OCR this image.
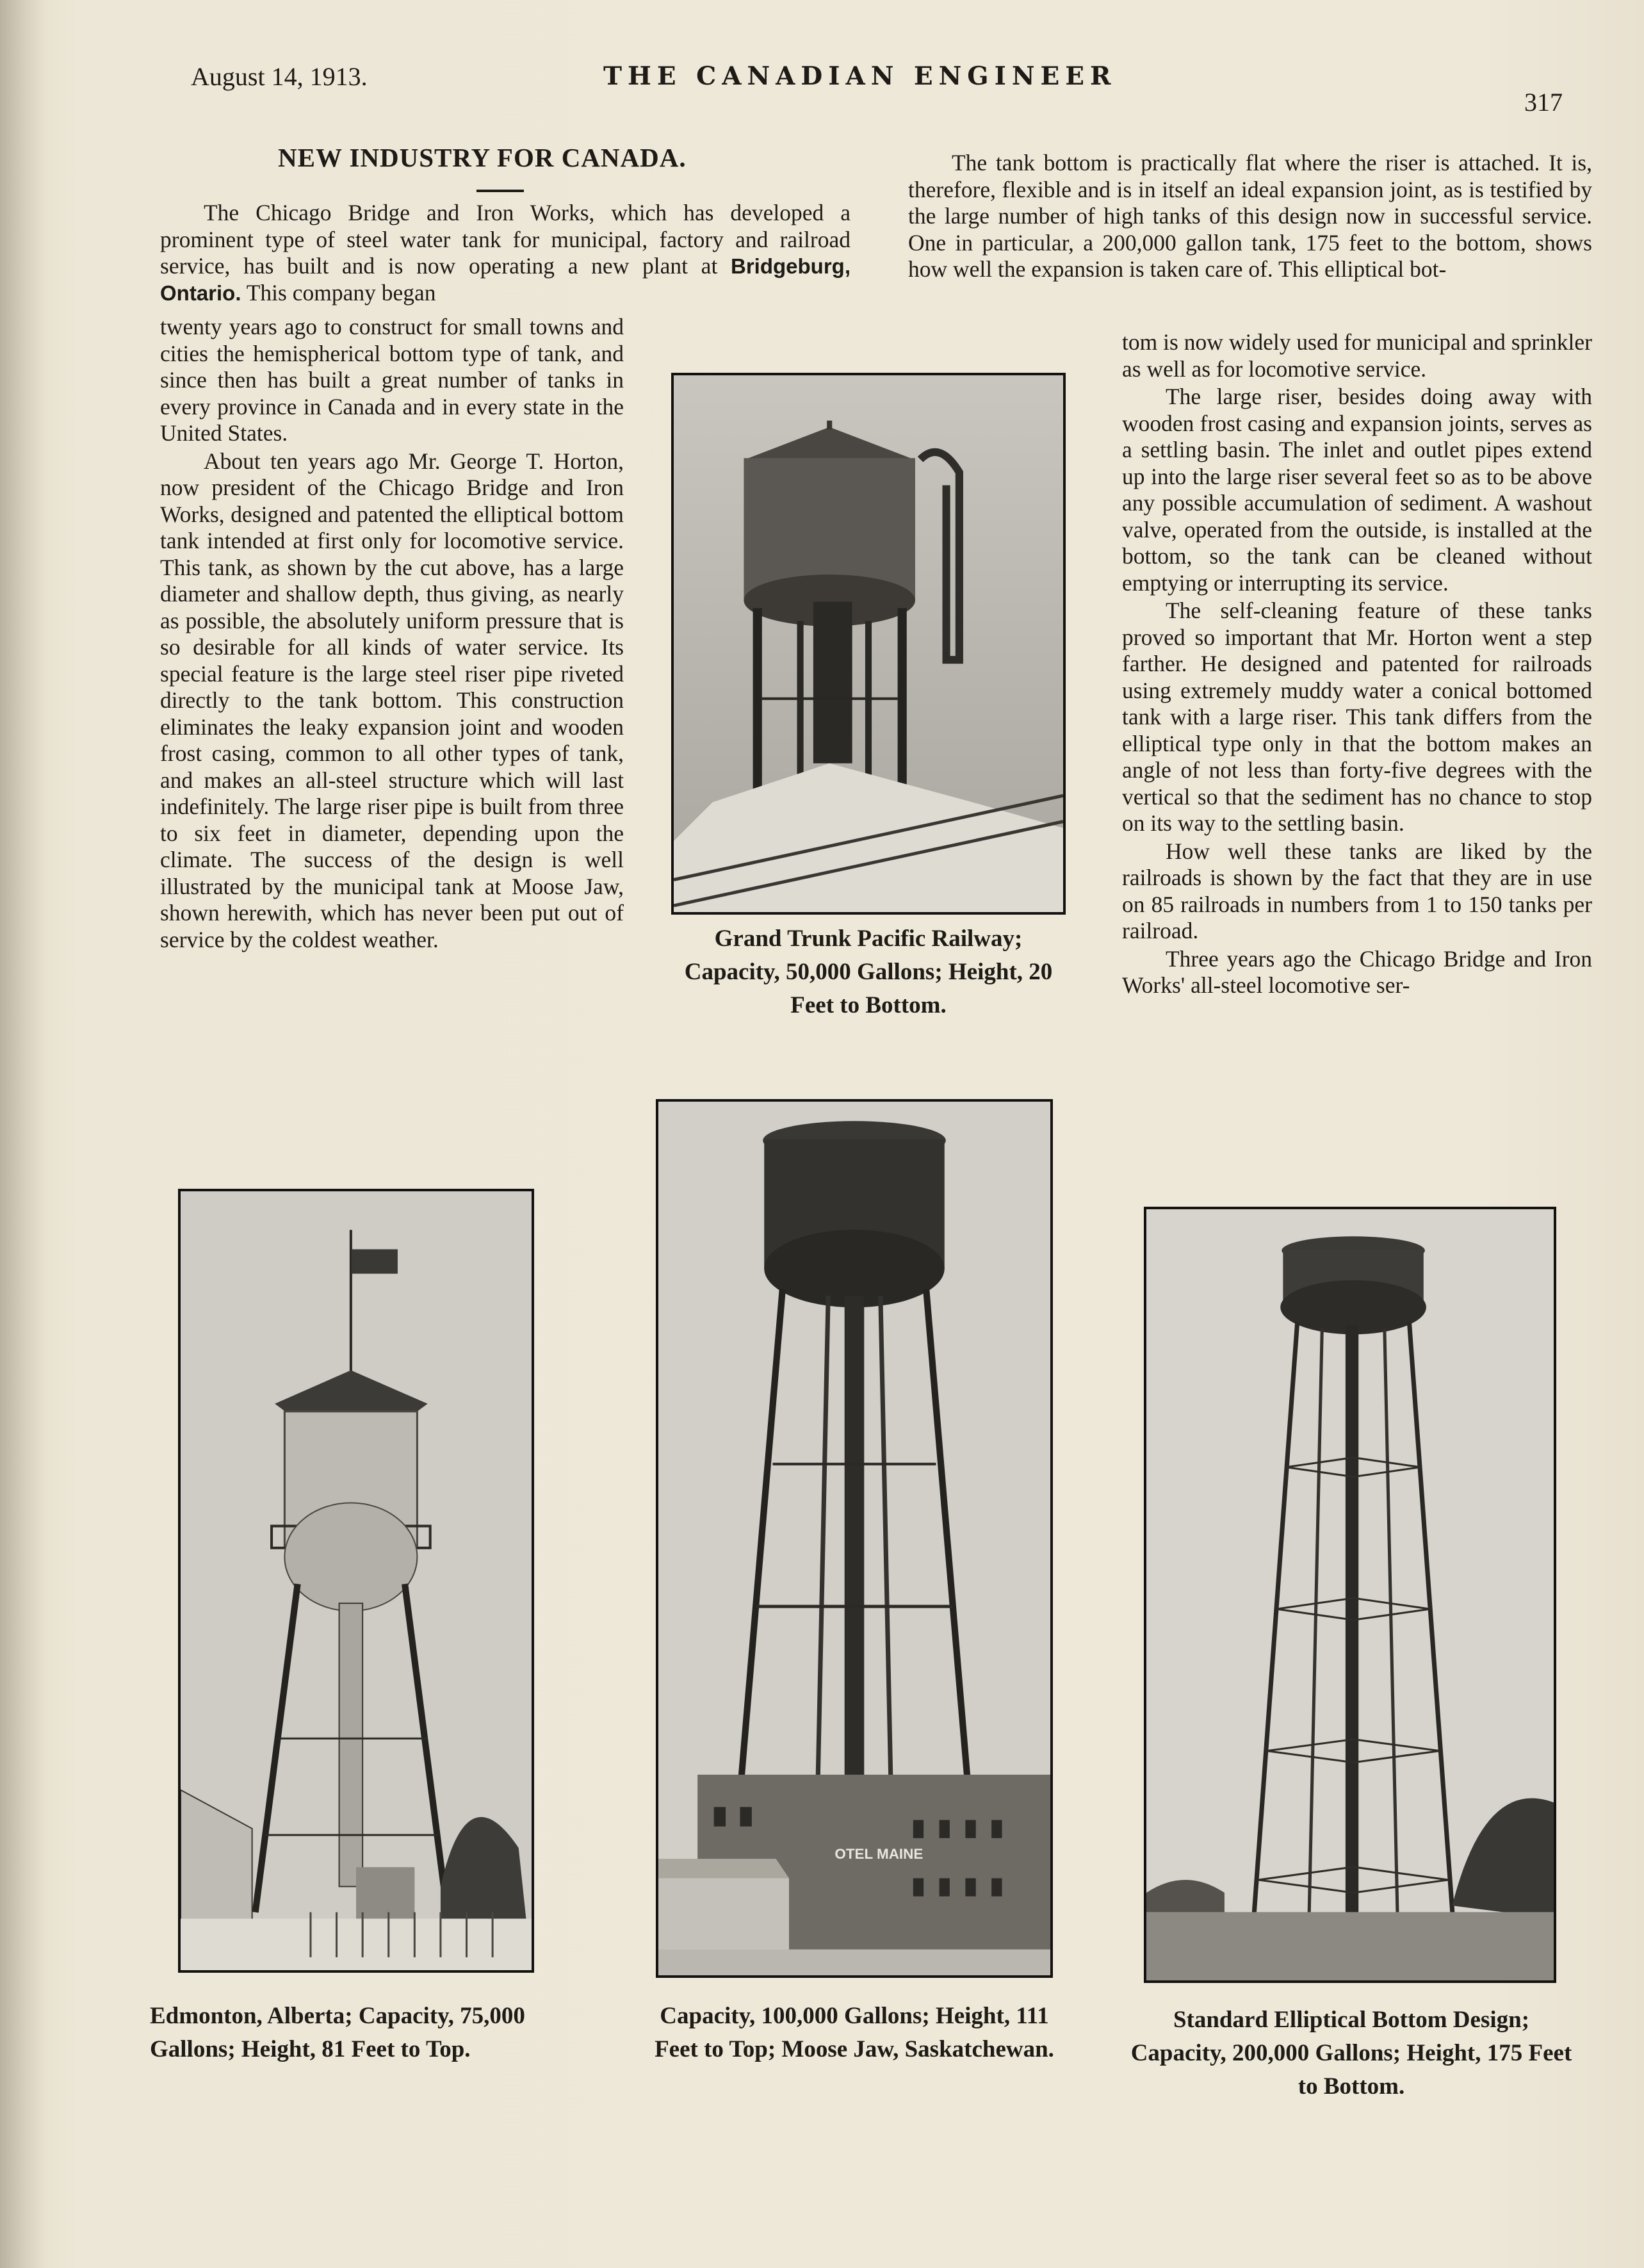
August 14, 1913.	THE CANADIAN ENGINEER
317
NEW INDUSTRY FOR CANADA.

The Chicago Bridge and Iron Works, which has developed a prominent type of steel water tank for municipal, factory and railroad service, has built and is now operating a new plant at Bridgeburg, Ontario. This company began

twenty years ago to construct for small towns and cities the hemispherical bottom type of tank, and since then has built a great number of tanks in every province in Canada and in every state in the United States.

About ten years ago Mr. George T. Horton, now president of the Chicago Bridge and Iron Works, designed and patented the elliptical bottom tank intended at first only for locomotive service. This tank, as shown by the cut above, has a large diameter and shallow depth, thus giving, as nearly as possible, the absolutely uniform pressure that is so desirable for all kinds of water service. Its special feature is the large steel riser pipe riveted directly to the tank bottom. This construction eliminates the leaky expansion joint and wooden frost casing, common to all other types of tank, and makes an all-steel structure which will last indefinitely. The large riser pipe is built from three to six feet in diameter, depending upon the climate. The success of the design is well illustrated by the municipal tank at Moose Jaw, shown herewith, which has never been put out of service by the coldest weather.

The tank bottom is practically flat where the riser is attached. It is, therefore, flexible and is in itself an ideal expansion joint, as is testified by the large number of high tanks of this design now in successful service. One in particular, a 200,000 gallon tank, 175 feet to the bottom, shows how well the expansion is taken care of. This elliptical bot-

tom is now widely used for municipal and sprinkler as well as for locomotive service.

The large riser, besides doing away with wooden frost casing and expansion joints, serves as a settling basin. The inlet and outlet pipes extend up into the large riser several feet so as to be above any possible accumulation of sediment. A washout valve, operated from the outside, is installed at the bottom, so the tank can be cleaned without emptying or interrupting its service.

The self-cleaning feature of these tanks proved so important that Mr. Horton went a step farther. He designed and patented for railroads using extremely muddy water a conical bottomed tank with a large riser. This tank differs from the elliptical type only in that the bottom makes an angle of not less than forty-five degrees with the vertical so that the sediment has no chance to stop on its way to the settling basin.

How well these tanks are liked by the railroads is shown by the fact that they are in use on 85 railroads in numbers from 1 to 150 tanks per railroad.

Three years ago the Chicago Bridge and Iron Works' all-steel locomotive ser-

Grand Trunk Pacific Railway; Capacity, 50,000 Gallons; Height, 20 Feet to Bottom.
Edmonton, Alberta; Capacity, 75,000 Gallons; Height, 81 Feet to Top.
OTEL MAINE
Capacity, 100,000 Gallons; Height, 111 Feet to Top; Moose Jaw, Saskatchewan.
Standard Elliptical Bottom Design; Capacity, 200,000 Gallons; Height, 175 Feet to Bottom.
